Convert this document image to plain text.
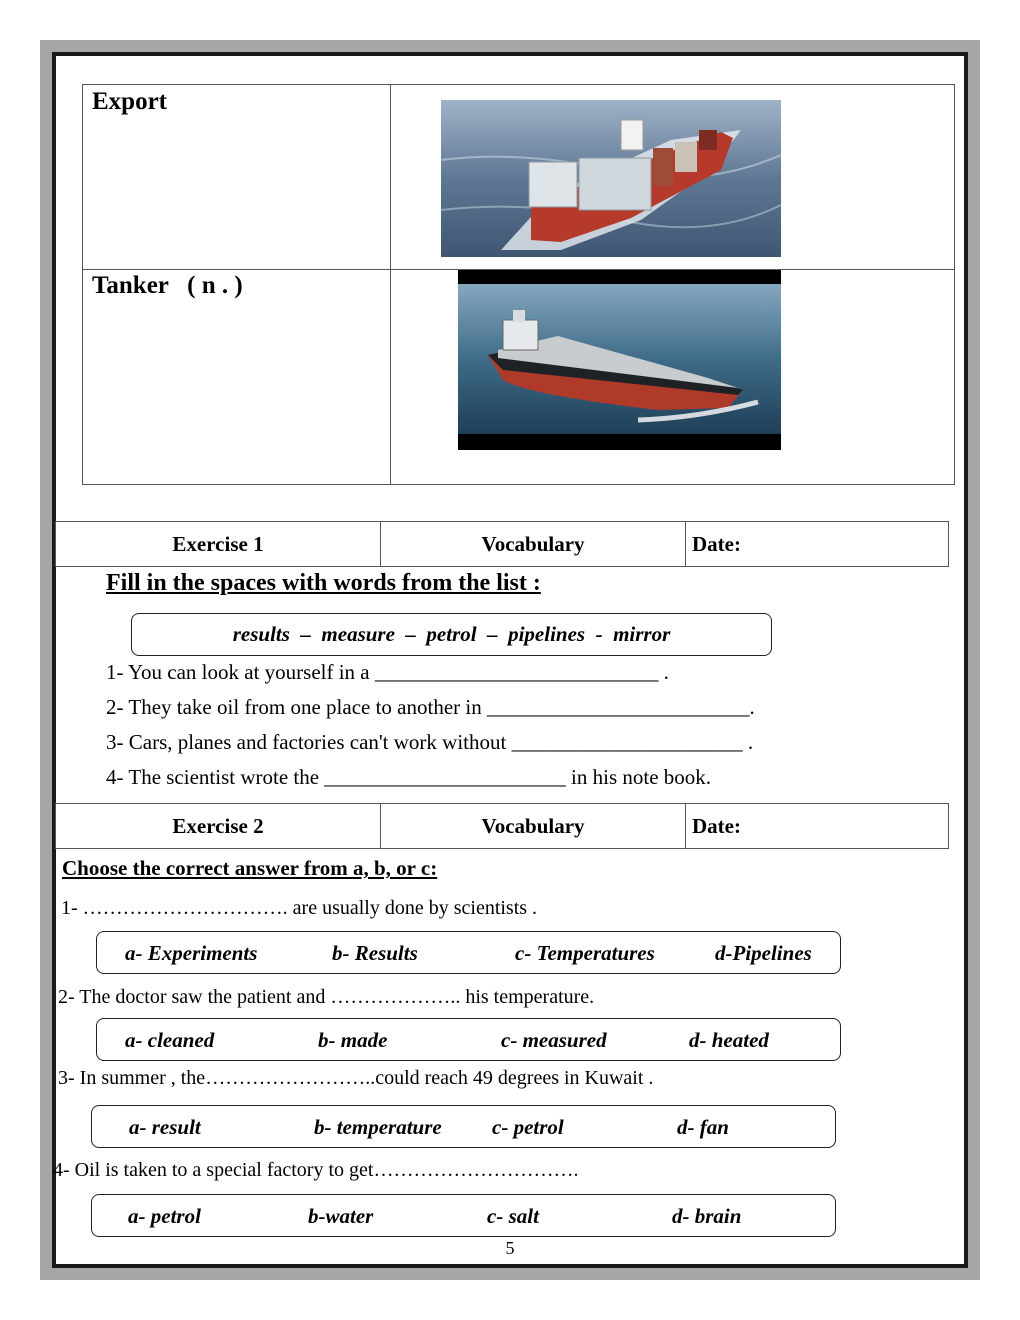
Export
Tanker   ( n . )
Exercise 1	Vocabulary	Date:
Fill in the spaces with words from the list :
results  –  measure  –  petrol  –  pipelines  -  mirror
1- You can look at yourself in a ___________________________ .
2- They take oil from one place to another in _________________________.
3- Cars, planes and factories can't work without ______________________ .
4- The scientist wrote the _______________________ in his note book.
Exercise 2	Vocabulary	Date:
Choose the correct answer from a, b, or c:
1- …………………………. are usually done by scientists .
a- Experiments	b- Results	c- Temperatures	d-Pipelines
2- The doctor saw the patient and ……………….. his temperature.
a- cleaned	b- made	c- measured	d- heated
3- In summer , the……………………..could reach 49 degrees in Kuwait .
a- result	b- temperature c- petrol	d- fan
4- Oil is taken to a special factory to get………………………….
a- petrol	b-water	c- salt	d- brain
5
